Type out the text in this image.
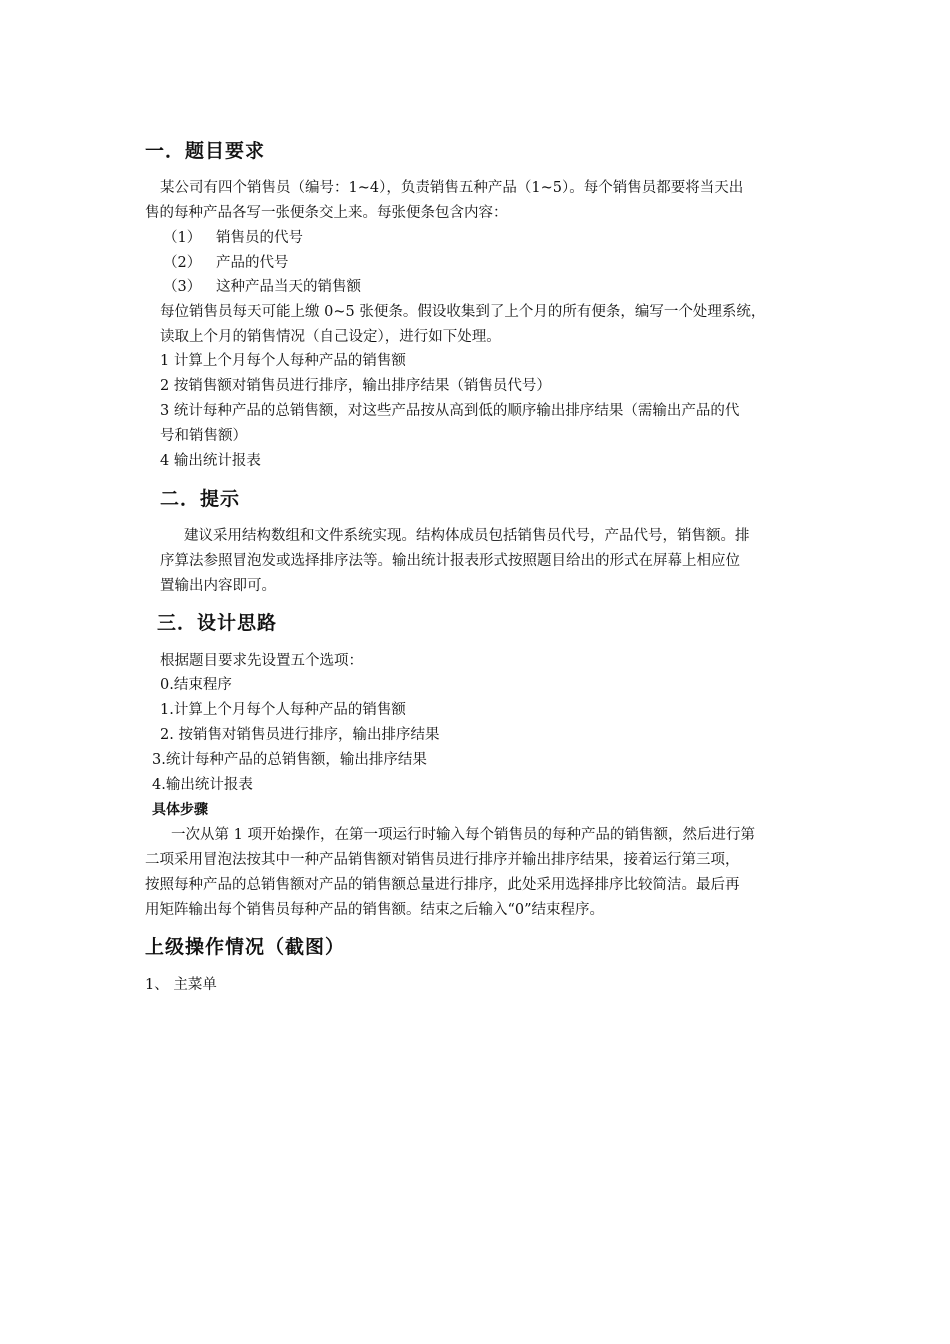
一．题目要求
某公司有四个销售员（编号：1~4），负责销售五种产品（1~5）。每个销售员都要将当天出
售的每种产品各写一张便条交上来。每张便条包含内容：
（1） 销售员的代号
（2） 产品的代号
（3） 这种产品当天的销售额
每位销售员每天可能上缴 0~5 张便条。假设收集到了上个月的所有便条，编写一个处理系统，
读取上个月的销售情况（自己设定），进行如下处理。
1 计算上个月每个人每种产品的销售额
2 按销售额对销售员进行排序，输出排序结果（销售员代号）
3 统计每种产品的总销售额，对这些产品按从高到低的顺序输出排序结果（需输出产品的代
号和销售额）
4 输出统计报表
二．提示
建议采用结构数组和文件系统实现。结构体成员包括销售员代号，产品代号，销售额。排
序算法参照冒泡发或选择排序法等。输出统计报表形式按照题目给出的形式在屏幕上相应位
置输出内容即可。
三．设计思路
根据题目要求先设置五个选项：
0.结束程序
1.计算上个月每个人每种产品的销售额
2. 按销售对销售员进行排序，输出排序结果
3.统计每种产品的总销售额，输出排序结果
4.输出统计报表
具体步骤
一次从第 1 项开始操作，在第一项运行时输入每个销售员的每种产品的销售额，然后进行第
二项采用冒泡法按其中一种产品销售额对销售员进行排序并输出排序结果，接着运行第三项，
按照每种产品的总销售额对产品的销售额总量进行排序，此处采用选择排序比较简洁。最后再
用矩阵输出每个销售员每种产品的销售额。结束之后输入“0”结束程序。
上级操作情况（截图）
1、 主菜单
